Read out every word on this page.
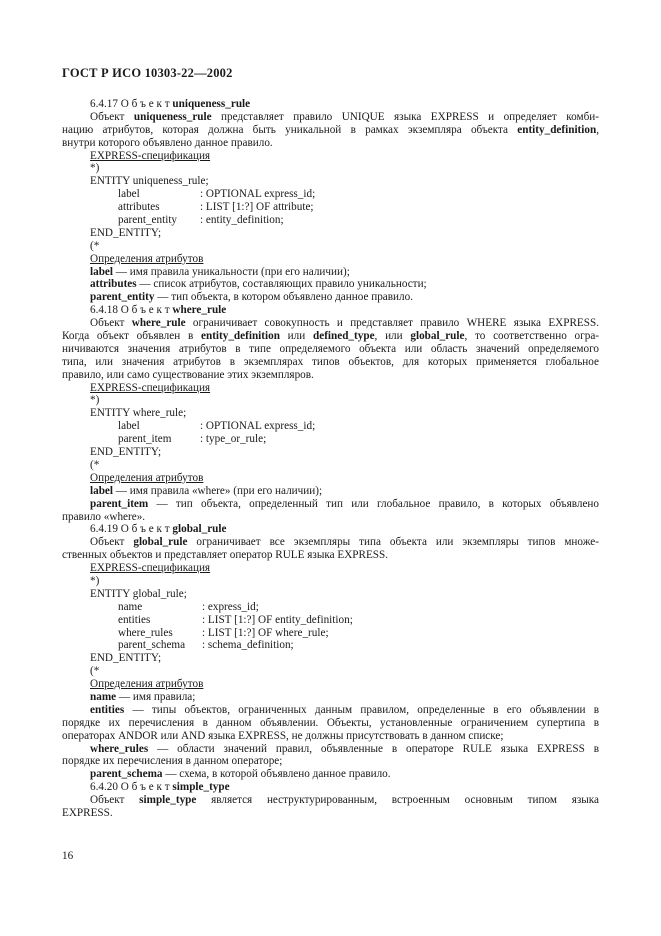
ГОСТ Р ИСО 10303-22—2002
6.4.17 О б ъ е к т uniqueness_rule
Объект uniqueness_rule представляет правило UNIQUE языка EXPRESS и определяет комби-
нацию атрибутов, которая должна быть уникальной в рамках экземпляра объекта entity_definition,
внутри которого объявлено данное правило.
EXPRESS-спецификация
*)
ENTITY uniqueness_rule;
label	: OPTIONAL express_id;
attributes	: LIST [1:?] OF attribute;
parent_entity : entity_definition;
END_ENTITY;
(*
Определения атрибутов
label — имя правила уникальности (при его наличии);
attributes — список атрибутов, составляющих правило уникальности;
parent_entity — тип объекта, в котором объявлено данное правило.
6.4.18 О б ъ е к т where_rule
Объект where_rule ограничивает совокупность и представляет правило WHERE языка EXPRESS.
Когда объект объявлен в entity_definition или defined_type, или global_rule, то соответственно огра-
ничиваются значения атрибутов в типе определяемого объекта или область значений определяемого
типа, или значения атрибутов в экземплярах типов объектов, для которых применяется глобальное
правило, или само существование этих экземпляров.
EXPRESS-спецификация
*)
ENTITY where_rule;
label	: OPTIONAL express_id;
parent_item	: type_or_rule;
END_ENTITY;
(*
Определения атрибутов
label — имя правила «where» (при его наличии);
parent_item — тип объекта, определенный тип или глобальное правило, в которых объявлено
правило «where».
6.4.19 О б ъ е к т global_rule
Объект global_rule ограничивает все экземпляры типа объекта или экземпляры типов множе-
ственных объектов и представляет оператор RULE языка EXPRESS.
EXPRESS-спецификация
*)
ENTITY global_rule;
name	: express_id;
entities	: LIST [1:?] OF entity_definition;
where_rules	: LIST [1:?] OF where_rule;
parent_schema : schema_definition;
END_ENTITY;
(*
Определения атрибутов
name — имя правила;
entities — типы объектов, ограниченных данным правилом, определенные в его объявлении в
порядке их перечисления в данном объявлении. Объекты, установленные ограничением супертипа в
операторах ANDOR или AND языка EXPRESS, не должны присутствовать в данном списке;
where_rules — области значений правил, объявленные в операторе RULE языка EXPRESS в
порядке их перечисления в данном операторе;
parent_schema — схема, в которой объявлено данное правило.
6.4.20 О б ъ е к т simple_type
Объект simple_type является неструктурированным, встроенным основным типом языка
EXPRESS.
16
